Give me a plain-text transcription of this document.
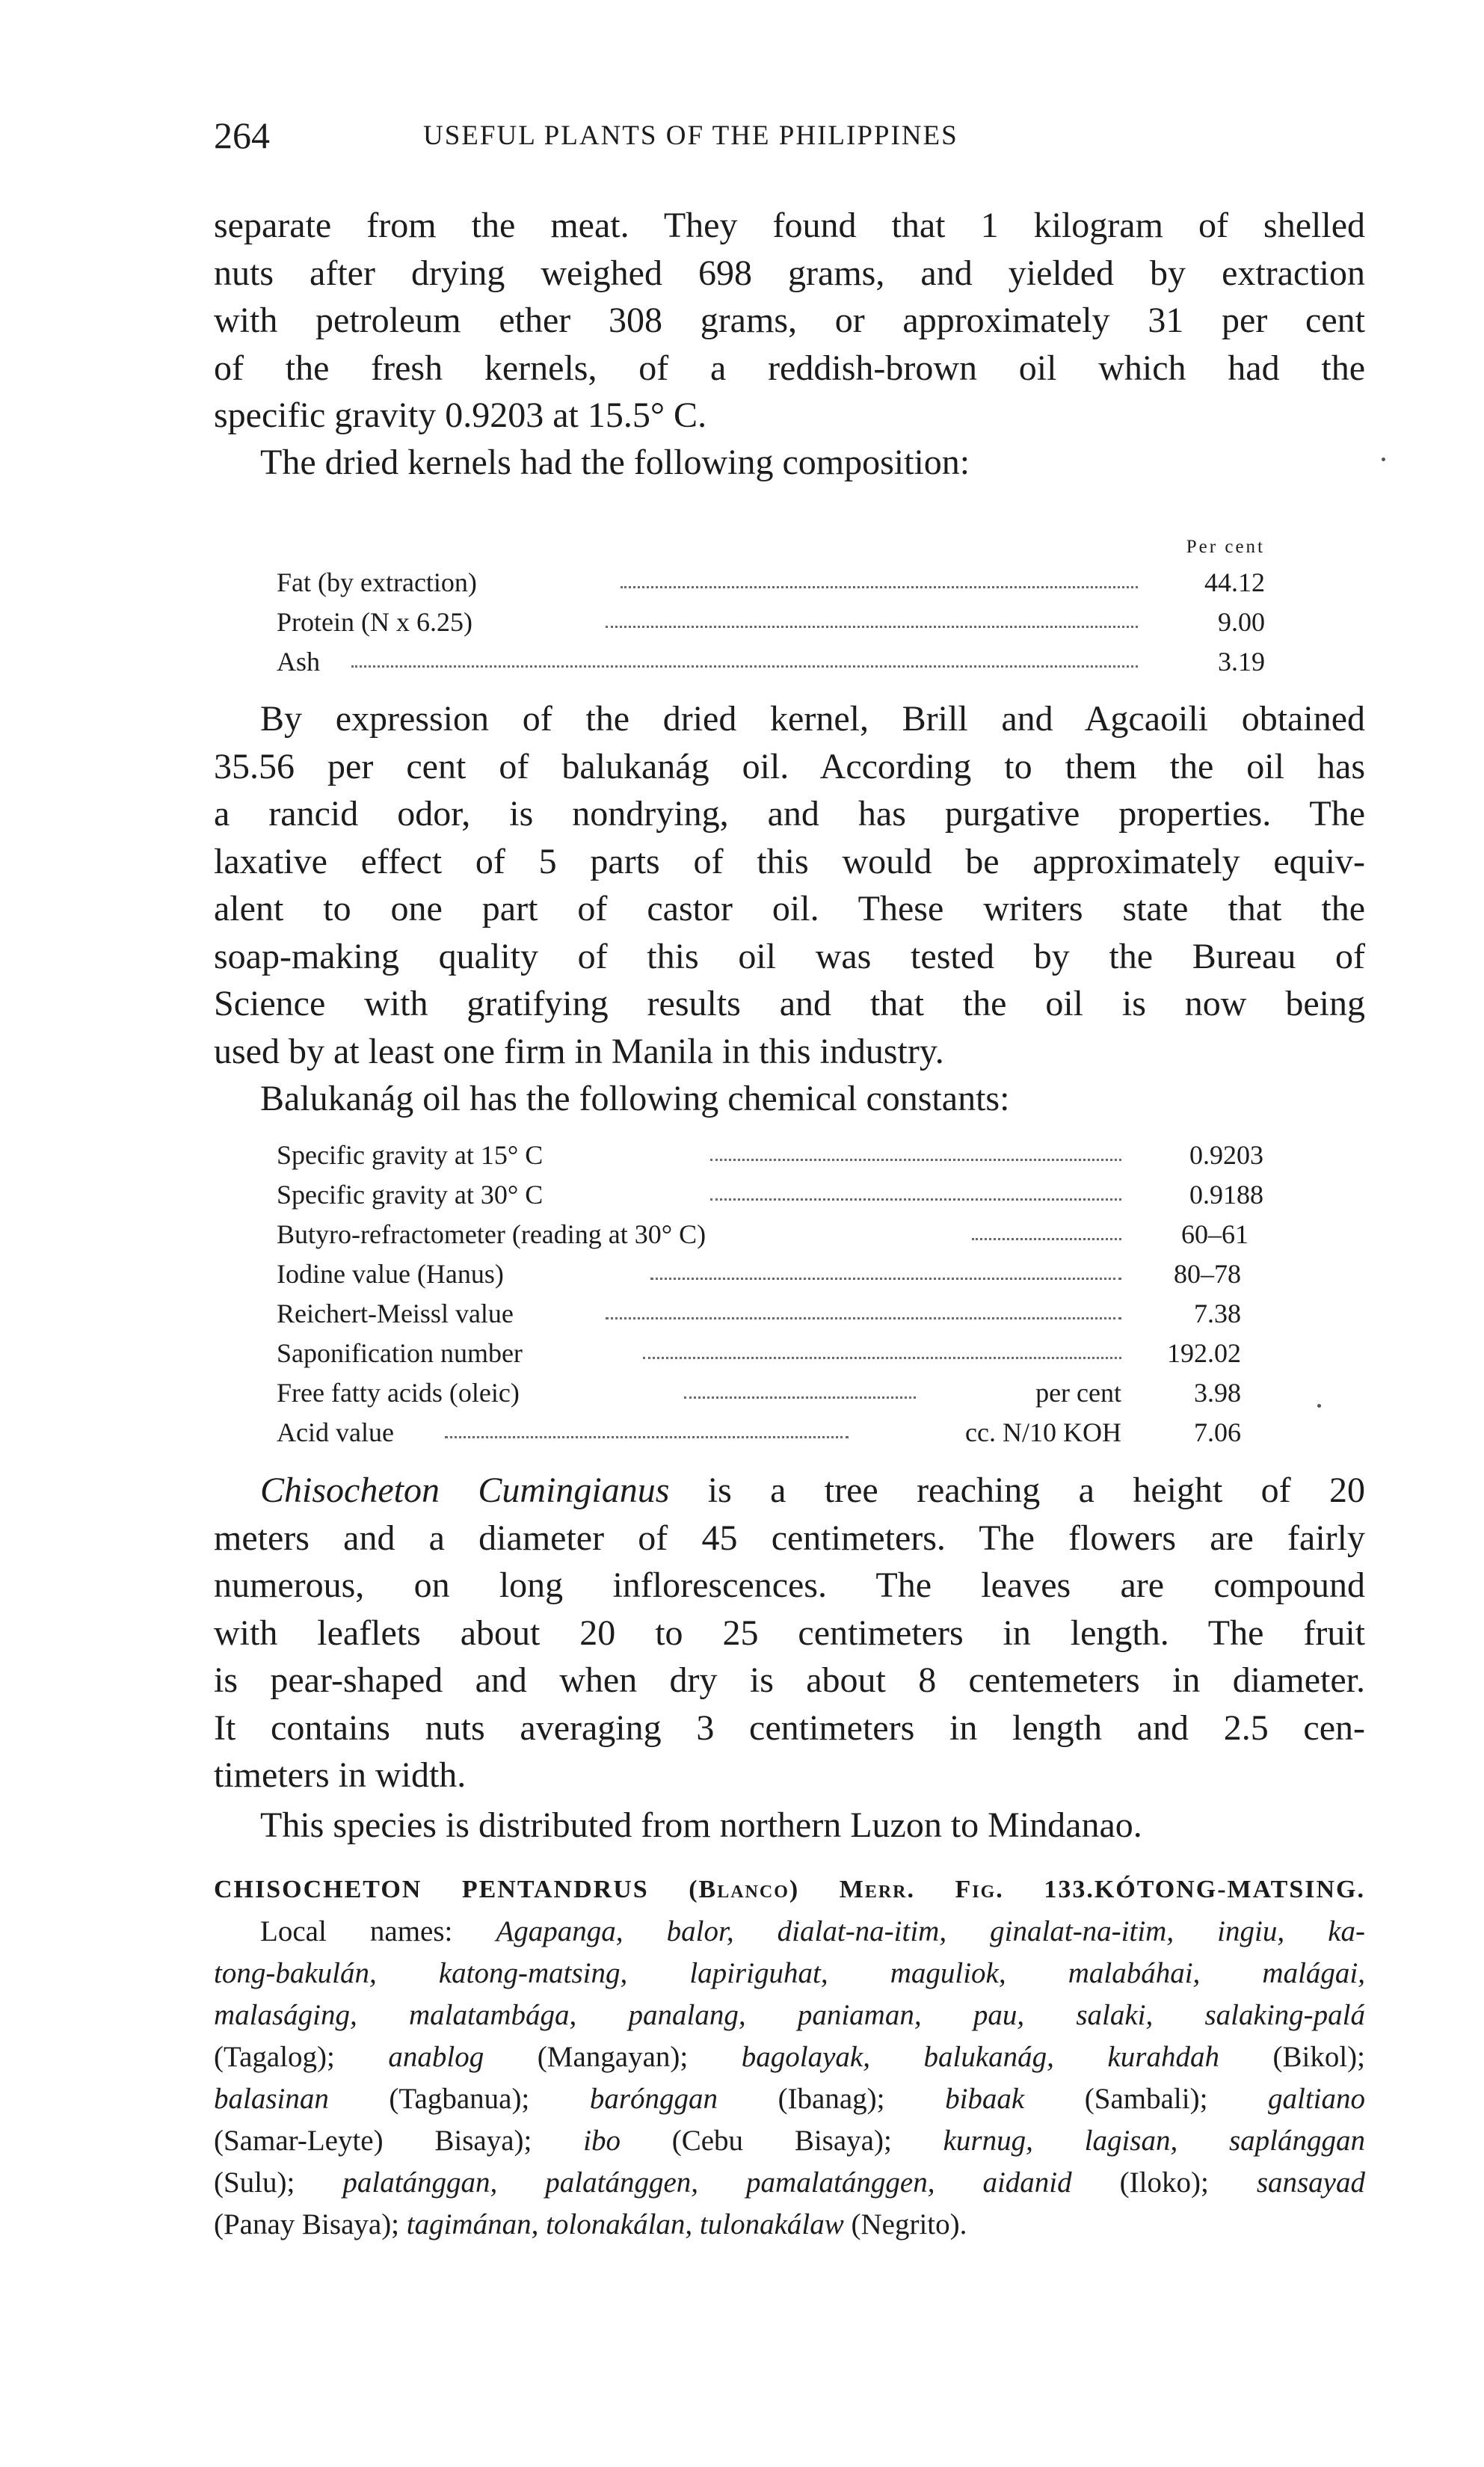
264	USEFUL PLANTS OF THE PHILIPPINES
separate from the meat. They found that 1 kilogram of shelled
nuts after drying weighed 698 grams, and yielded by extraction
with petroleum ether 308 grams, or approximately 31 per cent
of the fresh kernels, of a reddish-brown oil which had the
specific gravity 0.9203 at 15.5° C.
The dried kernels had the following composition:
Per cent
Fat (by extraction)	44.12
Protein (N x 6.25)	9.00
Ash	3.19
By expression of the dried kernel, Brill and Agcaoili obtained
35.56 per cent of balukanág oil. According to them the oil has
a rancid odor, is nondrying, and has purgative properties. The
laxative effect of 5 parts of this would be approximately equiv-
alent to one part of castor oil. These writers state that the
soap-making quality of this oil was tested by the Bureau of
Science with gratifying results and that the oil is now being
used by at least one firm in Manila in this industry.
Balukanág oil has the following chemical constants:
Specific gravity at 15° C	0.9203
Specific gravity at 30° C	0.9188
Butyro-refractometer (reading at 30° C)	60–61
Iodine value (Hanus)	80–78
Reichert-Meissl value	7.38
Saponification number	192.02
Free fatty acids (oleic)	per cent	3.98
Acid value	cc. N/10 KOH	7.06
Chisocheton Cumingianus is a tree reaching a height of 20
meters and a diameter of 45 centimeters. The flowers are fairly
numerous, on long inflorescences. The leaves are compound
with leaflets about 20 to 25 centimeters in length. The fruit
is pear-shaped and when dry is about 8 centemeters in diameter.
It contains nuts averaging 3 centimeters in length and 2.5 cen-
timeters in width.
This species is distributed from northern Luzon to Mindanao.
CHISOCHETON PENTANDRUS (Blanco) Merr. Fig. 133.KÓTONG-MATSING.
Local names: Agapanga, balor, dialat-na-itim, ginalat-na-itim, ingiu, ka-
tong-bakulán, katong-matsing, lapiriguhat, maguliok, malabáhai, malágai,
malaságing, malatambága, panalang, paniaman, pau, salaki, salaking-palá
(Tagalog); anablog (Mangayan); bagolayak, balukanág, kurahdah (Bikol);
balasinan (Tagbanua); barónggan (Ibanag); bibaak (Sambali); galtiano
(Samar-Leyte) Bisaya); ibo (Cebu Bisaya); kurnug, lagisan, saplánggan
(Sulu); palatánggan, palatánggen, pamalatánggen, aidanid (Iloko); sansayad
(Panay Bisaya); tagimánan, tolonakálan, tulonakálaw (Negrito).
